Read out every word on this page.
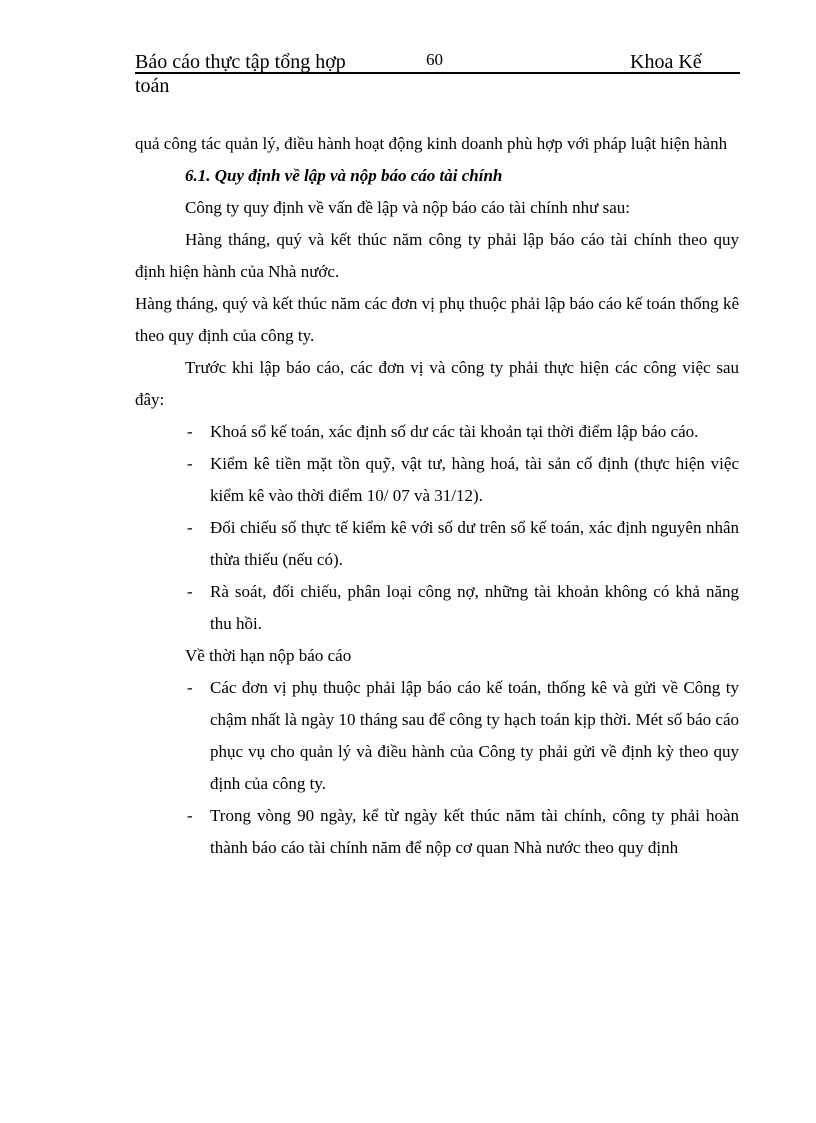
Báo cáo thực tập tổng hợp	60	Khoa Kế
toán

quả công tác quản lý, điều hành hoạt động kinh doanh phù hợp với pháp luật hiện hành

6.1. Quy định về lập và nộp báo cáo tài chính

Công ty quy định về vấn đề lập và nộp báo cáo tài chính như sau:

Hàng tháng, quý và kết thúc năm công ty phải lập báo cáo tài chính theo quy định hiện hành của Nhà nước.

Hàng tháng, quý và kết thúc năm các đơn vị phụ thuộc phải lập báo cáo kế toán thống kê theo quy định của công ty.

Trước khi lập báo cáo, các đơn vị và công ty phải thực hiện các công việc sau đây:

- Khoá sổ kế toán, xác định số dư các tài khoản tại thời điểm lập báo cáo.

- Kiểm kê tiền mặt tồn quỹ, vật tư, hàng hoá, tài sản cố định (thực hiện việc kiểm kê vào thời điểm 10/ 07 và 31/12).

- Đối chiếu số thực tế kiểm kê với số dư trên sổ kế toán, xác định nguyên nhân thừa thiếu (nếu có).

- Rà soát, đối chiếu, phân loại công nợ, những tài khoản không có khả năng thu hồi.

Về thời hạn nộp báo cáo

- Các đơn vị phụ thuộc phải lập báo cáo kế toán, thống kê và gửi về Công ty chậm nhất là ngày 10 tháng sau để công ty hạch toán kịp thời. Mét số báo cáo phục vụ cho quản lý và điều hành của Công ty phải gửi về định kỳ theo quy định của công ty.

- Trong vòng 90 ngày, kể từ ngày kết thúc năm tài chính, công ty phải hoàn thành báo cáo tài chính năm để nộp cơ quan Nhà nước theo quy định
